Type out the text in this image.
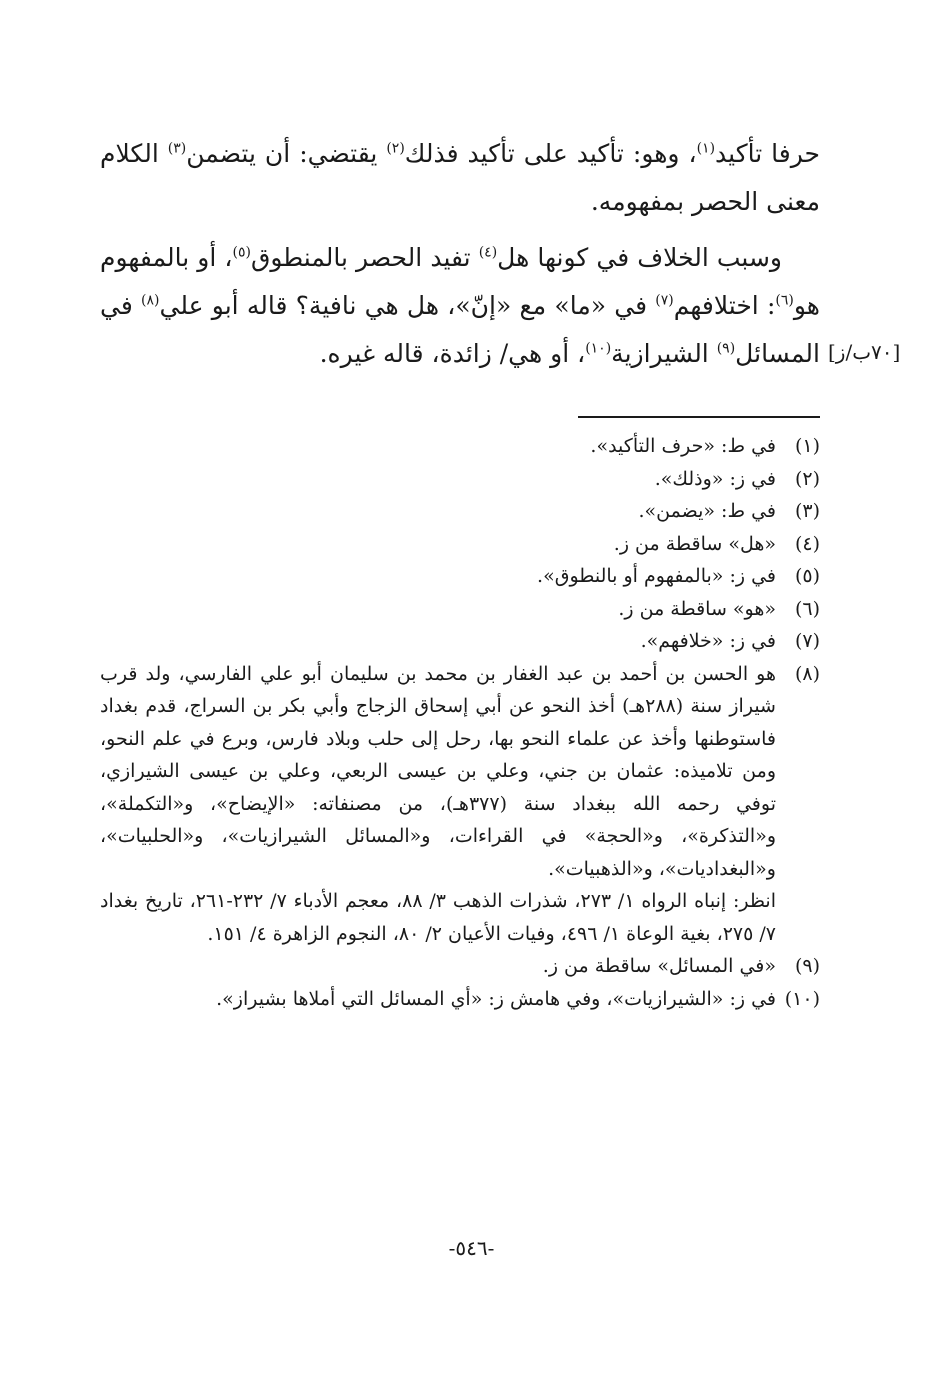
حرفا تأكيد$^{(١)}$، وهو: تأكيد على تأكيد فذلك$^{(٢)}$ يقتضي: أن يتضمن$^{(٣)}$ الكلام معنى الحصر بمفهومه.

وسبب الخلاف في كونها هل$^{(٤)}$ تفيد الحصر بالمنطوق$^{(٥)}$، أو بالمفهوم هو$^{(٦)}$: اختلافهم$^{(٧)}$ في «ما» مع «إنّ»، هل هي نافية؟ قاله أبو علي$^{(٨)}$ في المسائل$^{(٩)}$ الشيرازية$^{(١٠)}$، أو هي/ زائدة، قاله غيره.	[٧٠ب/ز]
(١)
في ط: «حرف التأكيد».
(٢)
في ز: «وذلك».
(٣)
في ط: «يضمن».
(٤)
«هل» ساقطة من ز.
(٥)
في ز: «بالمفهوم أو بالنطوق».
(٦)
«هو» ساقطة من ز.
(٧)
في ز: «خلافهم».
(٨)
هو الحسن بن أحمد بن عبد الغفار بن محمد بن سليمان أبو علي الفارسي، ولد قرب شيراز سنة (٢٨٨هـ) أخذ النحو عن أبي إسحاق الزجاج وأبي بكر بن السراج، قدم بغداد فاستوطنها وأخذ عن علماء النحو بها، رحل إلى حلب وبلاد فارس، وبرع في علم النحو، ومن تلاميذه: عثمان بن جني، وعلي بن عيسى الربعي، وعلي بن عيسى الشيرازي، توفي رحمه الله ببغداد سنة (٣٧٧هـ)، من مصنفاته: «الإيضاح»، و«التكملة»، و«التذكرة»، و«الحجة» في القراءات، و«المسائل الشيرازيات»، و«الحلبيات»، و«البغداديات»، و«الذهبيات».
انظر: إنباه الرواه ١/ ٢٧٣، شذرات الذهب ٣/ ٨٨، معجم الأدباء ٧/ ٢٣٢-٢٦١، تاريخ بغداد ٧/ ٢٧٥، بغية الوعاة ١/ ٤٩٦، وفيات الأعيان ٢/ ٨٠، النجوم الزاهرة ٤/ ١٥١.
(٩)
«في المسائل» ساقطة من ز.
(١٠)
في ز: «الشيرازيات»، وفي هامش ز: «أي المسائل التي أملاها بشيراز».
-٥٤٦-
